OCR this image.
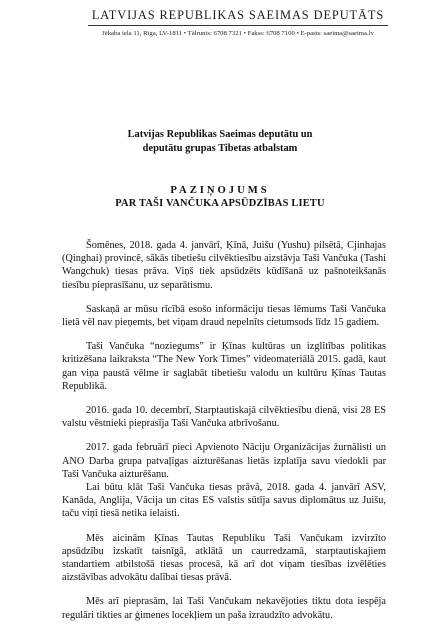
LATVIJAS REPUBLIKAS SAEIMAS DEPUTĀTS
Jēkaba iela 11, Rīga, LV-1811 • Tālrunis: 6708 7321 • Fakss: 6708 7100 • E-pasts: saeima@saeima.lv
Latvijas Republikas Saeimas deputātu un
deputātu grupas Tibetas atbalstam
PAZIŅOJUMS
PAR TAŠI VANČUKA APSŪDZĪBAS LIETU

Šomēnes, 2018. gada 4. janvārī, Ķīnā, Juišu (Yushu) pilsētā, Cjinhajas (Qinghai) provincē, sākās tibetiešu cilvēktiesību aizstāvja Taši Vančuka (Tashi Wangchuk) tiesas prāva. Viņš tiek apsūdzēts kūdīšanā uz pašnoteikšanās tiesību pieprasīšanu, uz separātismu.

Saskaņā ar mūsu rīcībā esošo informāciju tiesas lēmums Taši Vančuka lietā vēl nav pieņemts, bet viņam draud nepelnīts cietumsods līdz 15 gadiem.

Taši Vančuka “noziegums” ir Ķīnas kultūras un izglītības politikas kritizēšana laikraksta “The New York Times” videomateriālā 2015. gadā, kaut gan viņa paustā vēlme ir saglabāt tibetiešu valodu un kultūru Ķīnas Tautas Republikā.

2016. gada 10. decembrī, Starptautiskajā cilvēktiesību dienā, visi 28 ES valstu vēstnieki pieprasīja Taši Vančuka atbrīvošanu.

2017. gada februārī pieci Apvienoto Nāciju Organizācijas žurnālisti un ANO Darba grupa patvaļīgas aizturēšanas lietās izplatīja savu viedokli par Taši Vančuka aizturēšanu.

Lai būtu klāt Taši Vančuka tiesas prāvā, 2018. gada 4. janvārī ASV, Kanāda, Anglija, Vācija un citas ES valstis sūtīja savus diplomātus uz Juišu, taču viņi tiesā netika ielaisti.

Mēs aicinām Ķīnas Tautas Republiku Taši Vančukam izvirzīto apsūdzību izskatīt taisnīgā, atklātā un caurredzamā, starptautiskajiem standartiem atbilstošā tiesas procesā, kā arī dot viņam tiesības izvēlēties aizstāvības advokātu dalībai tiesas prāvā.

Mēs arī pieprasām, lai Taši Vančukam nekavējoties tiktu dota iespēja regulāri tikties ar ģimenes locekļiem un paša izraudzīto advokātu.
